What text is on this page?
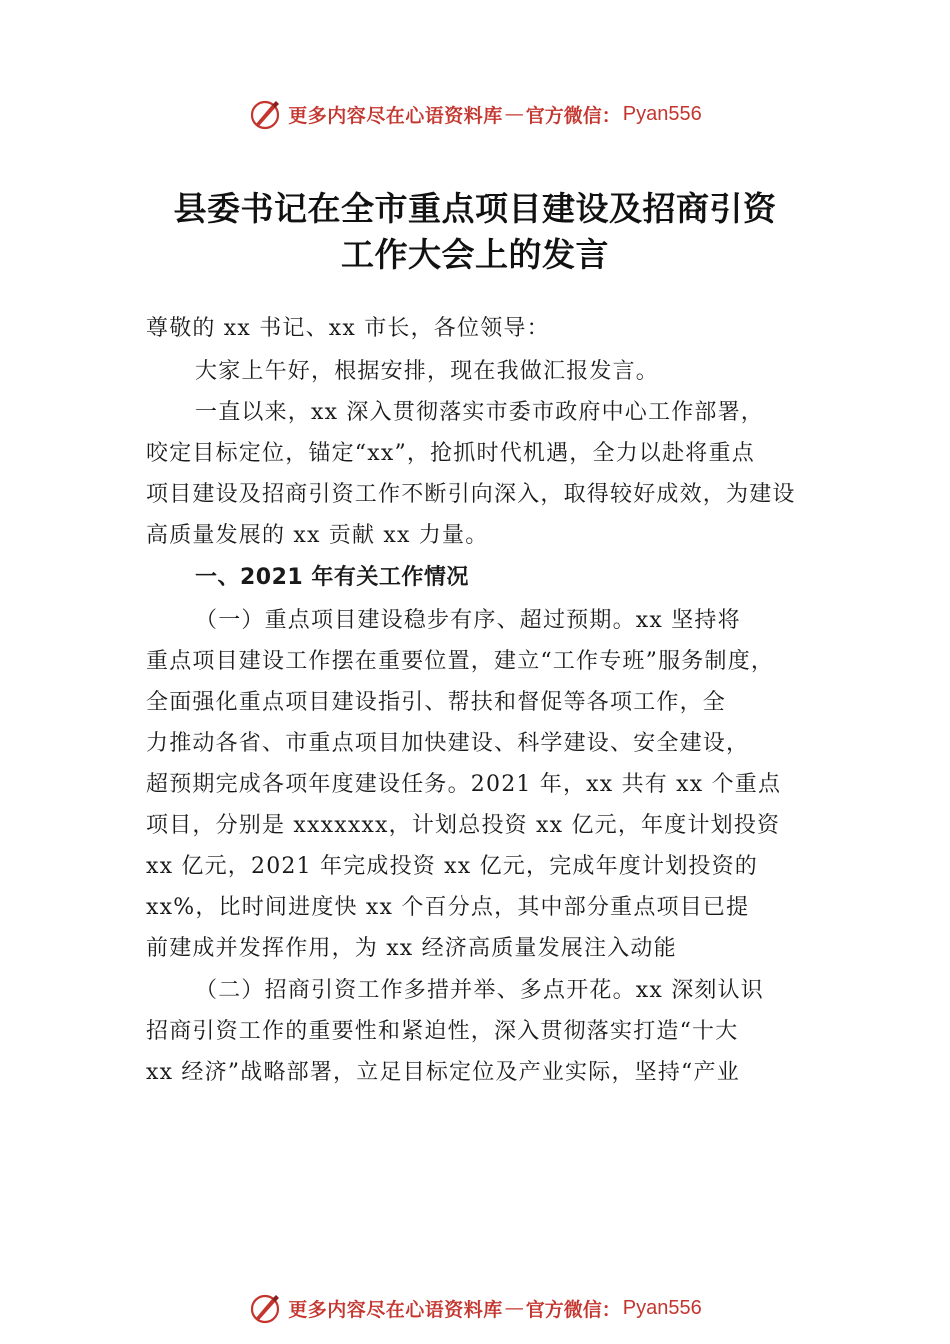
更多内容尽在心语资料库 — 官方微信： Pyan556
县委书记在全市重点项目建设及招商引资
工作大会上的发言
尊敬的 xx 书记、xx 市长，各位领导：
大家上午好，根据安排，现在我做汇报发言。
一直以来，xx 深入贯彻落实市委市政府中心工作部署，
咬定目标定位，锚定“xx”，抢抓时代机遇，全力以赴将重点
项目建设及招商引资工作不断引向深入，取得较好成效，为建设
高质量发展的 xx 贡献 xx 力量。
一、2021 年有关工作情况
（一）重点项目建设稳步有序、超过预期。xx 坚持将
重点项目建设工作摆在重要位置，建立“工作专班”服务制度，
全面强化重点项目建设指引、帮扶和督促等各项工作，全
力推动各省、市重点项目加快建设、科学建设、安全建设，
超预期完成各项年度建设任务。2021 年，xx 共有 xx 个重点
项目，分别是 xxxxxxx，计划总投资 xx 亿元，年度计划投资
xx 亿元，2021 年完成投资 xx 亿元，完成年度计划投资的
xx%，比时间进度快 xx 个百分点，其中部分重点项目已提
前建成并发挥作用，为 xx 经济高质量发展注入动能
（二）招商引资工作多措并举、多点开花。xx 深刻认识
招商引资工作的重要性和紧迫性，深入贯彻落实打造“十大
xx 经济”战略部署，立足目标定位及产业实际，坚持“产业
更多内容尽在心语资料库 — 官方微信： Pyan556
